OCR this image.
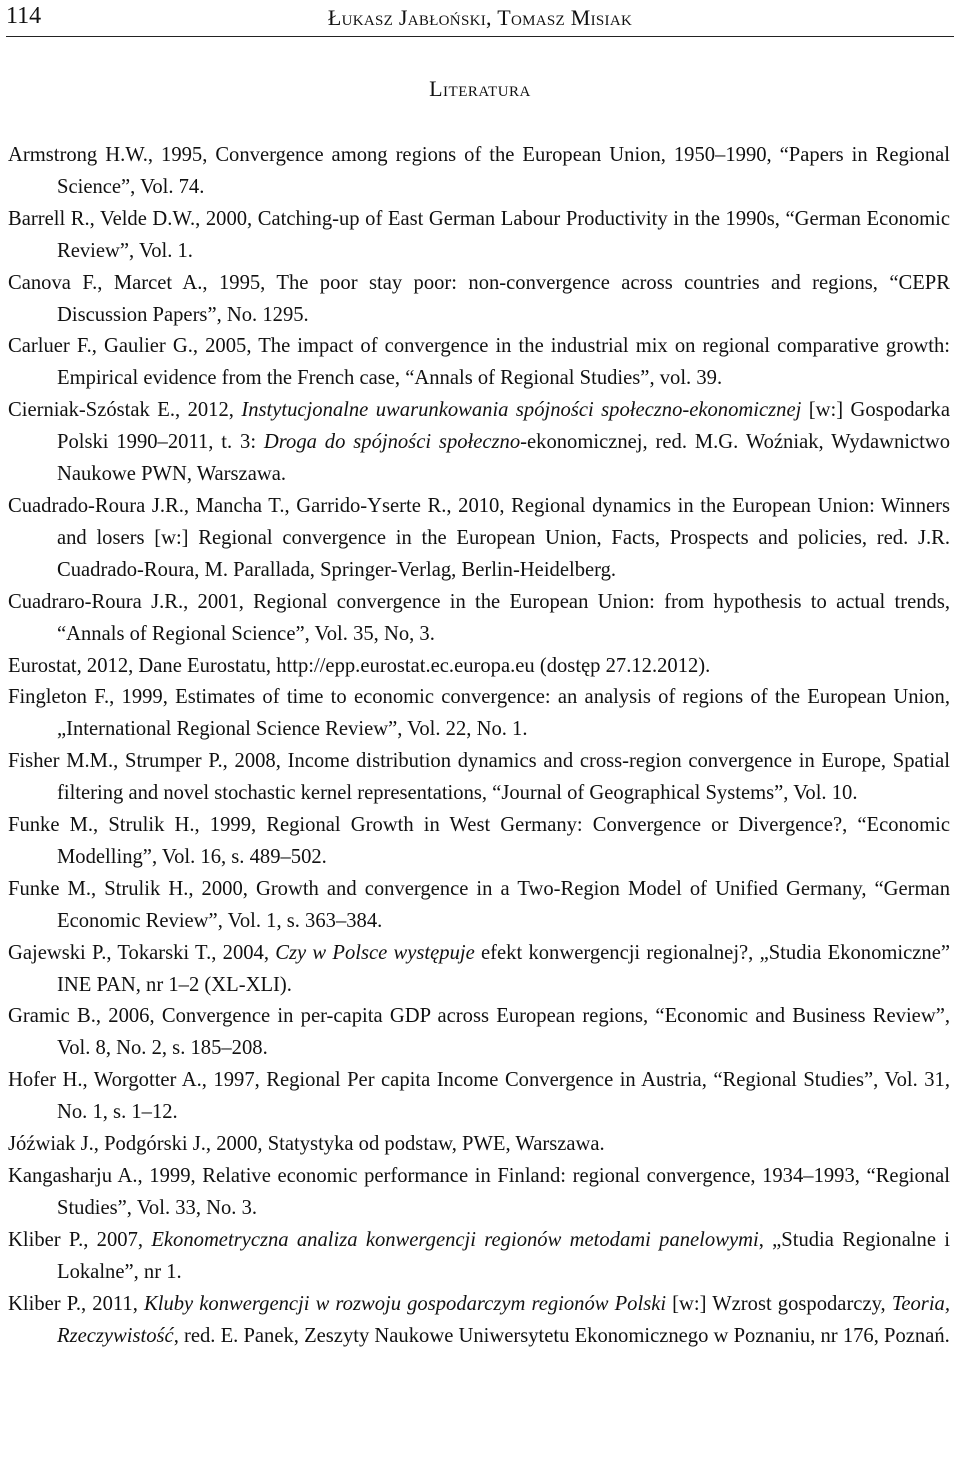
114	Łukasz Jabłoński, Tomasz Misiak
Literatura
Armstrong H.W., 1995, Convergence among regions of the European Union, 1950–1990, “Papers in Regional Science”, Vol. 74.
Barrell R., Velde D.W., 2000, Catching-up of East German Labour Productivity in the 1990s, “German Economic Review”, Vol. 1.
Canova F., Marcet A., 1995, The poor stay poor: non-convergence across countries and regions, “CEPR Discussion Papers”, No. 1295.
Carluer F., Gaulier G., 2005, The impact of convergence in the industrial mix on regional comparative growth: Empirical evidence from the French case, “Annals of Regional Studies”, vol. 39.
Cierniak-Szóstak E., 2012, Instytucjonalne uwarunkowania spójności społeczno-ekonomicznej [w:] Gospodarka Polski 1990–2011, t. 3: Droga do spójności społeczno-ekonomicznej, red. M.G. Woźniak, Wydawnictwo Naukowe PWN, Warszawa.
Cuadrado-Roura J.R., Mancha T., Garrido-Yserte R., 2010, Regional dynamics in the European Union: Winners and losers [w:] Regional convergence in the European Union, Facts, Prospects and policies, red. J.R. Cuadrado-Roura, M. Parallada, Springer-Verlag, Berlin-Heidelberg.
Cuadraro-Roura J.R., 2001, Regional convergence in the European Union: from hypothesis to actual trends, “Annals of Regional Science”, Vol. 35, No, 3.
Eurostat, 2012, Dane Eurostatu, http://epp.eurostat.ec.europa.eu (dostęp 27.12.2012).
Fingleton F., 1999, Estimates of time to economic convergence: an analysis of regions of the European Union, „International Regional Science Review”, Vol. 22, No. 1.
Fisher M.M., Strumper P., 2008, Income distribution dynamics and cross-region convergence in Europe, Spatial filtering and novel stochastic kernel representations, “Journal of Geographical Systems”, Vol. 10.
Funke M., Strulik H., 1999, Regional Growth in West Germany: Convergence or Divergence?, “Economic Modelling”, Vol. 16, s. 489–502.
Funke M., Strulik H., 2000, Growth and convergence in a Two-Region Model of Unified Germany, “German Economic Review”, Vol. 1, s. 363–384.
Gajewski P., Tokarski T., 2004, Czy w Polsce występuje efekt konwergencji regionalnej?, „Studia Ekonomiczne” INE PAN, nr 1–2 (XL-XLI).
Gramic B., 2006, Convergence in per-capita GDP across European regions, “Economic and Business Review”, Vol. 8, No. 2, s. 185–208.
Hofer H., Worgotter A., 1997, Regional Per capita Income Convergence in Austria, “Regional Studies”, Vol. 31, No. 1, s. 1–12.
Jóźwiak J., Podgórski J., 2000, Statystyka od podstaw, PWE, Warszawa.
Kangasharju A., 1999, Relative economic performance in Finland: regional convergence, 1934–1993, “Regional Studies”, Vol. 33, No. 3.
Kliber P., 2007, Ekonometryczna analiza konwergencji regionów metodami panelowymi, „Studia Regionalne i Lokalne”, nr 1.
Kliber P., 2011, Kluby konwergencji w rozwoju gospodarczym regionów Polski [w:] Wzrost gospodarczy, Teoria, Rzeczywistość, red. E. Panek, Zeszyty Naukowe Uniwersytetu Ekonomicznego w Poznaniu, nr 176, Poznań.
